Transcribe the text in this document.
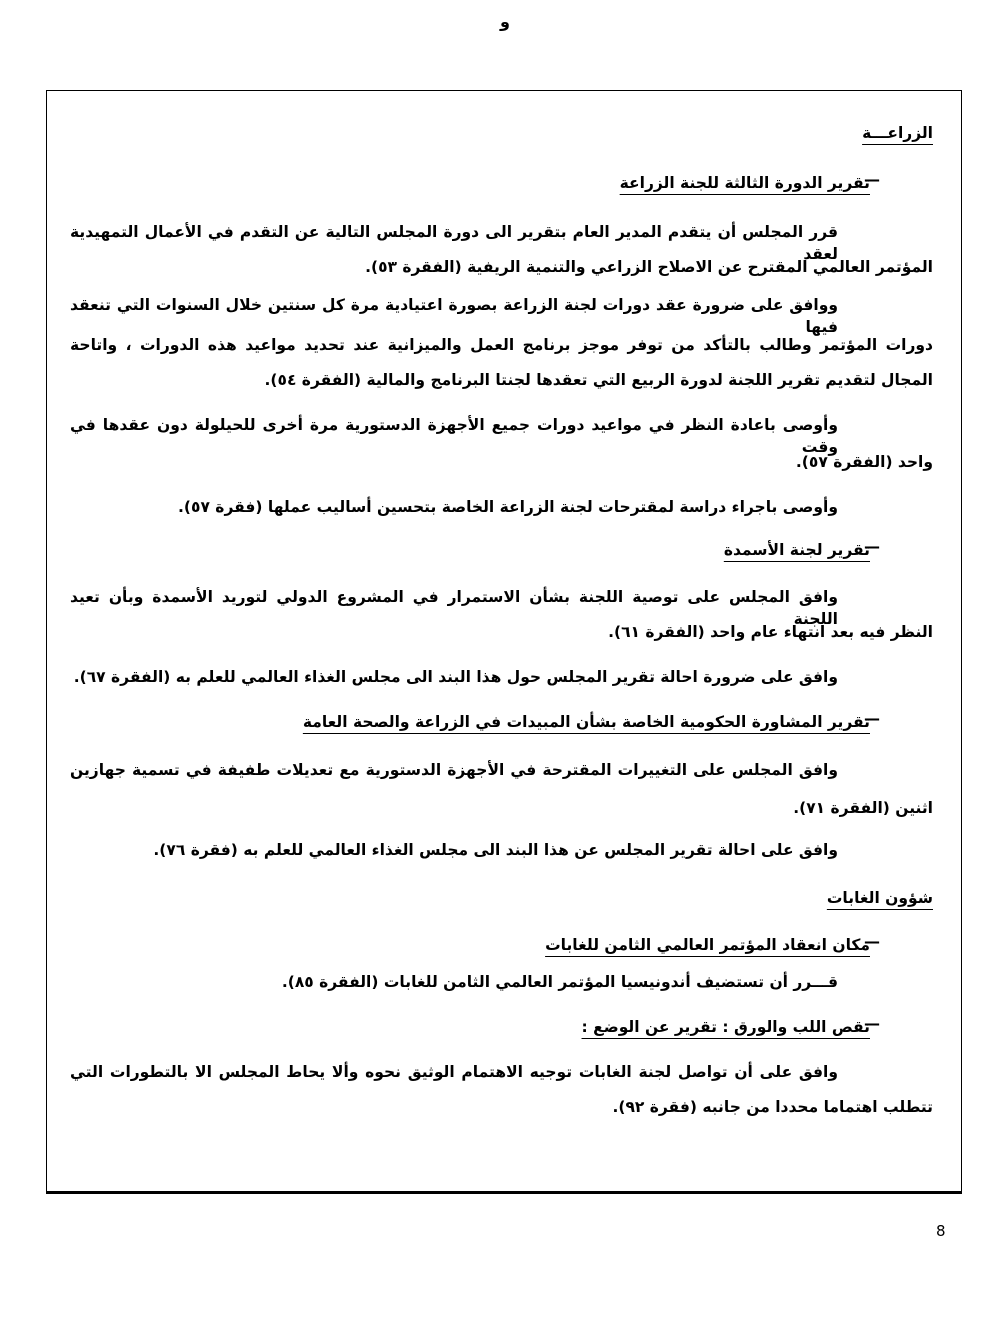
و
الزراعـــة
—
تقرير الدورة الثالثة للجنة الزراعة
قرر المجلس أن يتقدم المدير العام بتقرير الى دورة المجلس التالية عن التقدم في الأعمال التمهيدية لعقد
المؤتمر العالمي المقترح عن الاصلاح الزراعي والتنمية الريفية (الفقرة ٥٣).
ووافق على ضرورة عقد دورات لجنة الزراعة بصورة اعتيادية مرة كل سنتين خلال السنوات التي تنعقد فيها
دورات المؤتمر وطالب بالتأكد من توفر موجز برنامج العمل والميزانية عند تحديد مواعيد هذه الدورات ، واتاحة
المجال لتقديم تقرير اللجنة لدورة الربيع التي تعقدها لجنتا البرنامج والمالية (الفقرة ٥٤).
وأوصى باعادة النظر في مواعيد دورات جميع الأجهزة الدستورية مرة أخرى للحيلولة دون عقدها في وقت
واحد (الفقرة ٥٧).
وأوصى باجراء دراسة لمقترحات لجنة الزراعة الخاصة بتحسين أساليب عملها (فقرة ٥٧).
—
تقرير لجنة الأسمدة
وافق المجلس على توصية اللجنة بشأن الاستمرار في المشروع الدولي لتوريد الأسمدة وبأن تعيد اللجنة
النظر فيه بعد انتهاء عام واحد (الفقرة ٦١).
وافق على ضرورة احالة تقرير المجلس حول هذا البند الى مجلس الغذاء العالمي للعلم به (الفقرة ٦٧).
—
تقرير المشاورة الحكومية الخاصة بشأن المبيدات في الزراعة والصحة العامة
وافق المجلس على التغييرات المقترحة في الأجهزة الدستورية مع تعديلات طفيفة في تسمية جهازين
اثنين (الفقرة ٧١).
وافق على احالة تقرير المجلس عن هذا البند الى مجلس الغذاء العالمي للعلم به (فقرة ٧٦).
شؤون الغابات
—
مكان انعقاد المؤتمر العالمي الثامن للغابات
قـــرر أن تستضيف أندونيسيا المؤتمر العالمي الثامن للغابات (الفقرة ٨٥).
—
نقص اللب والورق : تقرير عن الوضع :
وافق على أن تواصل لجنة الغابات توجيه الاهتمام الوثيق نحوه وألا يحاط المجلس الا بالتطورات التي
تتطلب اهتماما محددا من جانبه (فقرة ٩٢).
8
